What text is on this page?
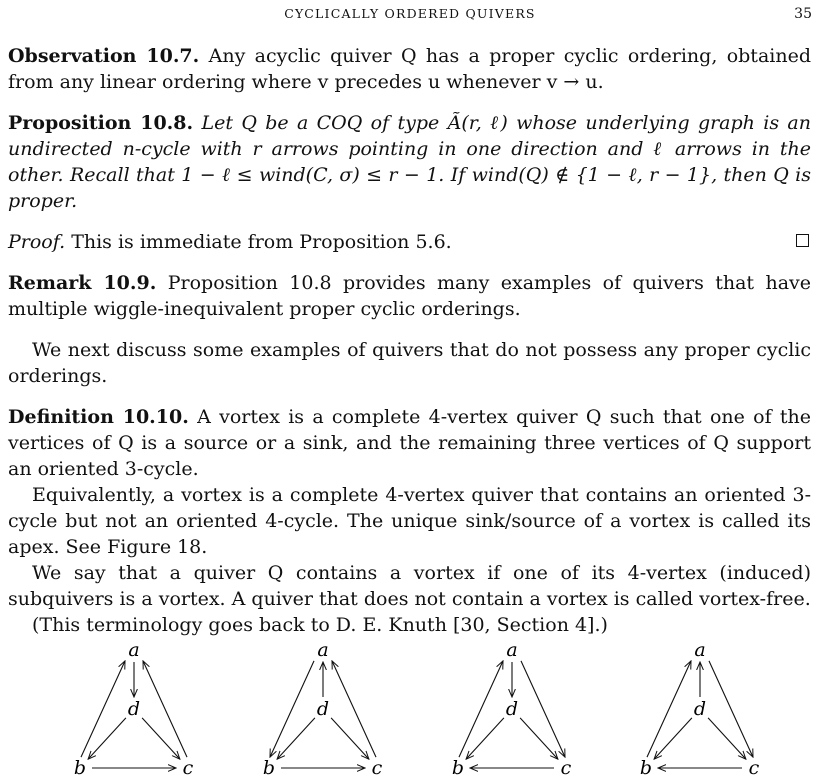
CYCLICALLY ORDERED QUIVERS	35

Observation 10.7. Any acyclic quiver Q has a proper cyclic ordering, obtained from any linear ordering where v precedes u whenever v → u.

Proposition 10.8. Let Q be a COQ of type Ã(r, ℓ) whose underlying graph is an undirected n-cycle with r arrows pointing in one direction and ℓ arrows in the other. Recall that 1 − ℓ ≤ wind(C, σ) ≤ r − 1. If wind(Q) ∉ {1 − ℓ, r − 1}, then Q is proper.

Proof. This is immediate from Proposition 5.6.

Remark 10.9. Proposition 10.8 provides many examples of quivers that have multiple wiggle-inequivalent proper cyclic orderings.

We next discuss some examples of quivers that do not possess any proper cyclic orderings.

Definition 10.10. A vortex is a complete 4-vertex quiver Q such that one of the vertices of Q is a source or a sink, and the remaining three vertices of Q support an oriented 3-cycle.

Equivalently, a vortex is a complete 4-vertex quiver that contains an oriented 3-cycle but not an oriented 4-cycle. The unique sink/source of a vortex is called its apex. See Figure 18.

We say that a quiver Q contains a vortex if one of its 4-vertex (induced) subquivers is a vortex. A quiver that does not contain a vortex is called vortex-free.

(This terminology goes back to D. E. Knuth [30, Section 4].)

a
d
b	c
a
d
b	c
a
d
b	c
a
d
b	c
